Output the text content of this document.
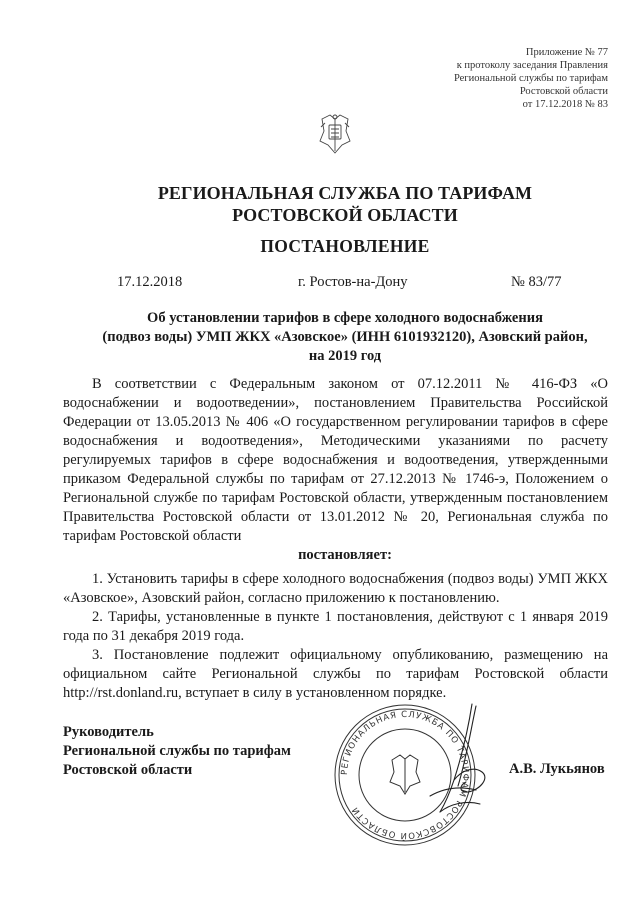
Приложение № 77
к протоколу заседания Правления
Региональной службы по тарифам
Ростовской области
от 17.12.2018 № 83
РЕГИОНАЛЬНАЯ СЛУЖБА ПО ТАРИФАМ
РОСТОВСКОЙ ОБЛАСТИ
ПОСТАНОВЛЕНИЕ
17.12.2018	г. Ростов-на-Дону	№ 83/77
Об установлении тарифов в сфере холодного водоснабжения
(подвоз воды) УМП ЖКХ «Азовское» (ИНН 6101932120), Азовский район,
на 2019 год
В соответствии с Федеральным законом от 07.12.2011 № 416-ФЗ «О водоснабжении и водоотведении», постановлением Правительства Российской Федерации от 13.05.2013 № 406 «О государственном регулировании тарифов в сфере водоснабжения и водоотведения», Методическими указаниями по расчету регулируемых тарифов в сфере водоснабжения и водоотведения, утвержденными приказом Федеральной службы по тарифам от 27.12.2013 № 1746-э, Положением о Региональной службе по тарифам Ростовской области, утвержденным постановлением Правительства Ростовской области от 13.01.2012 № 20, Региональная служба по тарифам Ростовской области
постановляет:
1. Установить тарифы в сфере холодного водоснабжения (подвоз воды) УМП ЖКХ «Азовское», Азовский район, согласно приложению к постановлению.
2. Тарифы, установленные в пункте 1 постановления, действуют с 1 января 2019 года по 31 декабря 2019 года.
3. Постановление подлежит официальному опубликованию, размещению на официальном сайте Региональной службы по тарифам Ростовской области http://rst.donland.ru, вступает в силу в установленном порядке.
Руководитель
Региональной службы по тарифам
Ростовской области	РЕГИОНАЛЬНАЯ СЛУЖБА ПО ТАРИФАМ РОСТОВСКОЙ ОБЛАСТИ
А.В. Лукьянов
